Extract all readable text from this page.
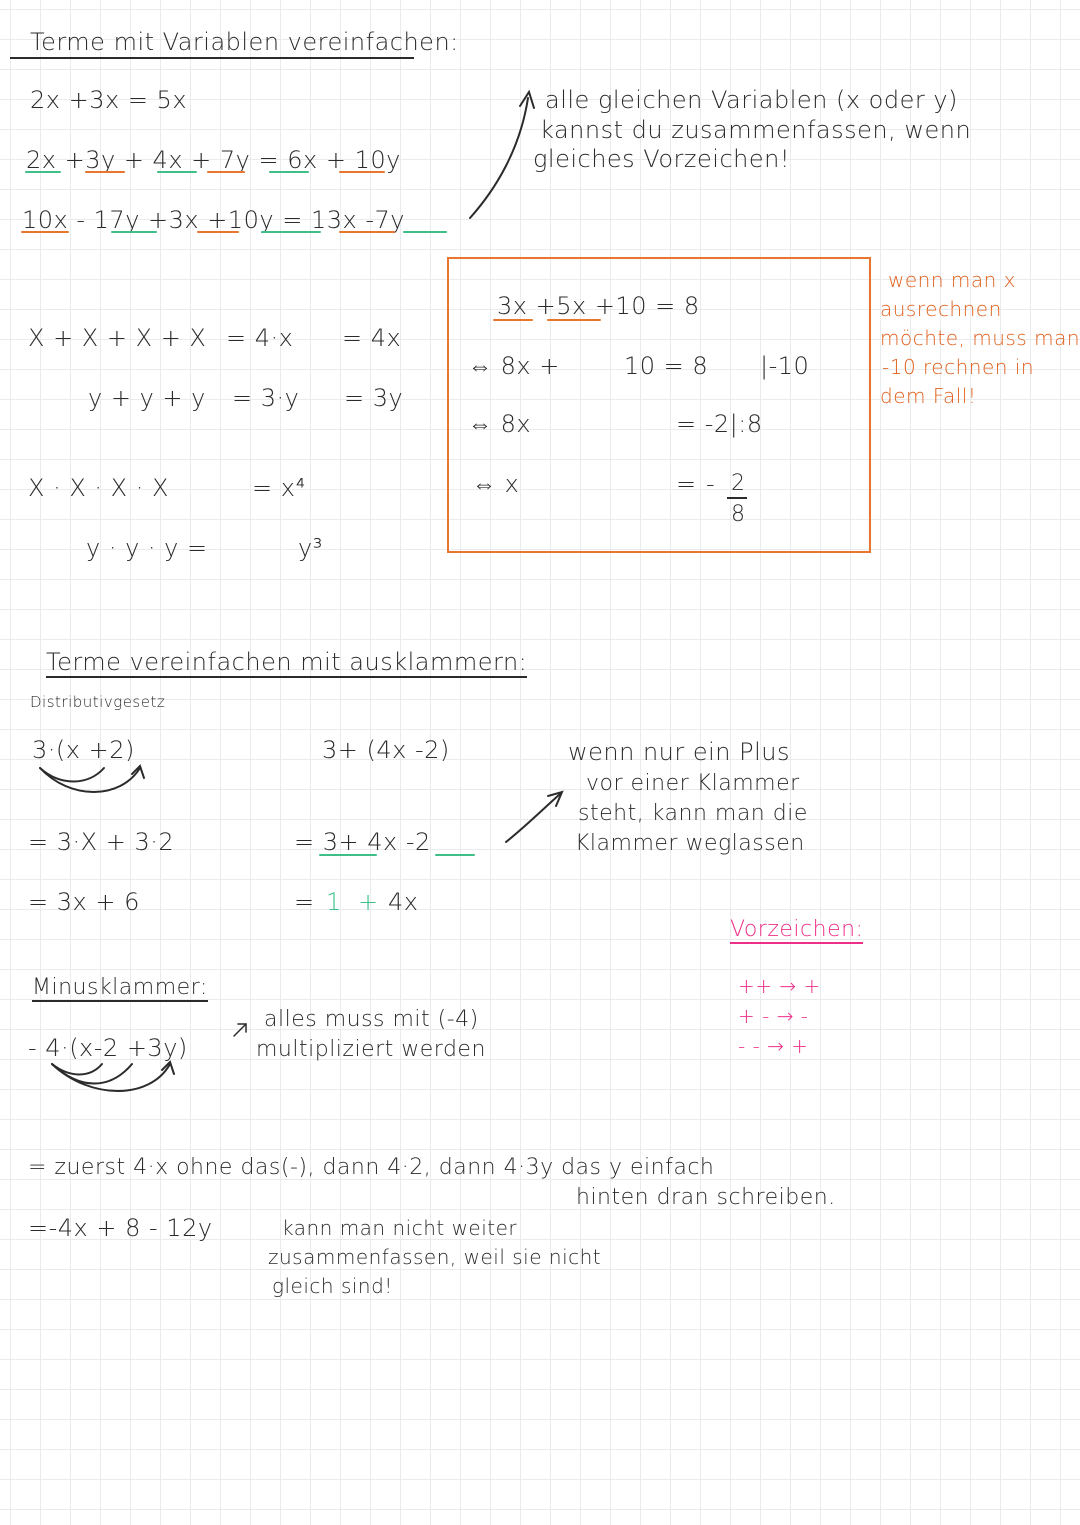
Terme mit Variablen vereinfachen:
2x +3x = 5x
2x +3y + 4x + 7y = 6x + 10y
10x - 17y +3x +10y = 13x -7y
alle gleichen Variablen (x oder y)
kannst du zusammenfassen, wenn
gleiches Vorzeichen!
X + X + X + X = 4·x = 4x
y + y + y = 3·y = 3y
X · X · X · X	= x⁴
y · y · y =	y³
3x +5x +10 = 8
⇔ 8x +	10 = 8 |-10
⇔ 8x	= -2|:8
⇔ x	= - 2
8
wenn man x
ausrechnen
möchte, muss man
-10 rechnen in
dem Fall!
Terme vereinfachen mit ausklammern:
Distributivgesetz
3·(x +2)
= 3·X + 3·2
= 3x + 6
3+ (4x -2)
= 3+ 4x -2
= 1 + 4x
wenn nur ein Plus
vor einer Klammer
steht, kann man die
Klammer weglassen
Vorzeichen:
++ → +
+ - → -
- - → +
Minusklammer:
- 4·(x-2 +3y)
alles muss mit (-4)
multipliziert werden
= zuerst 4·x ohne das(-), dann 4·2, dann 4·3y das y einfach
hinten dran schreiben.
=-4x + 8 - 12y	kann man nicht weiter
zusammenfassen, weil sie nicht
gleich sind!
